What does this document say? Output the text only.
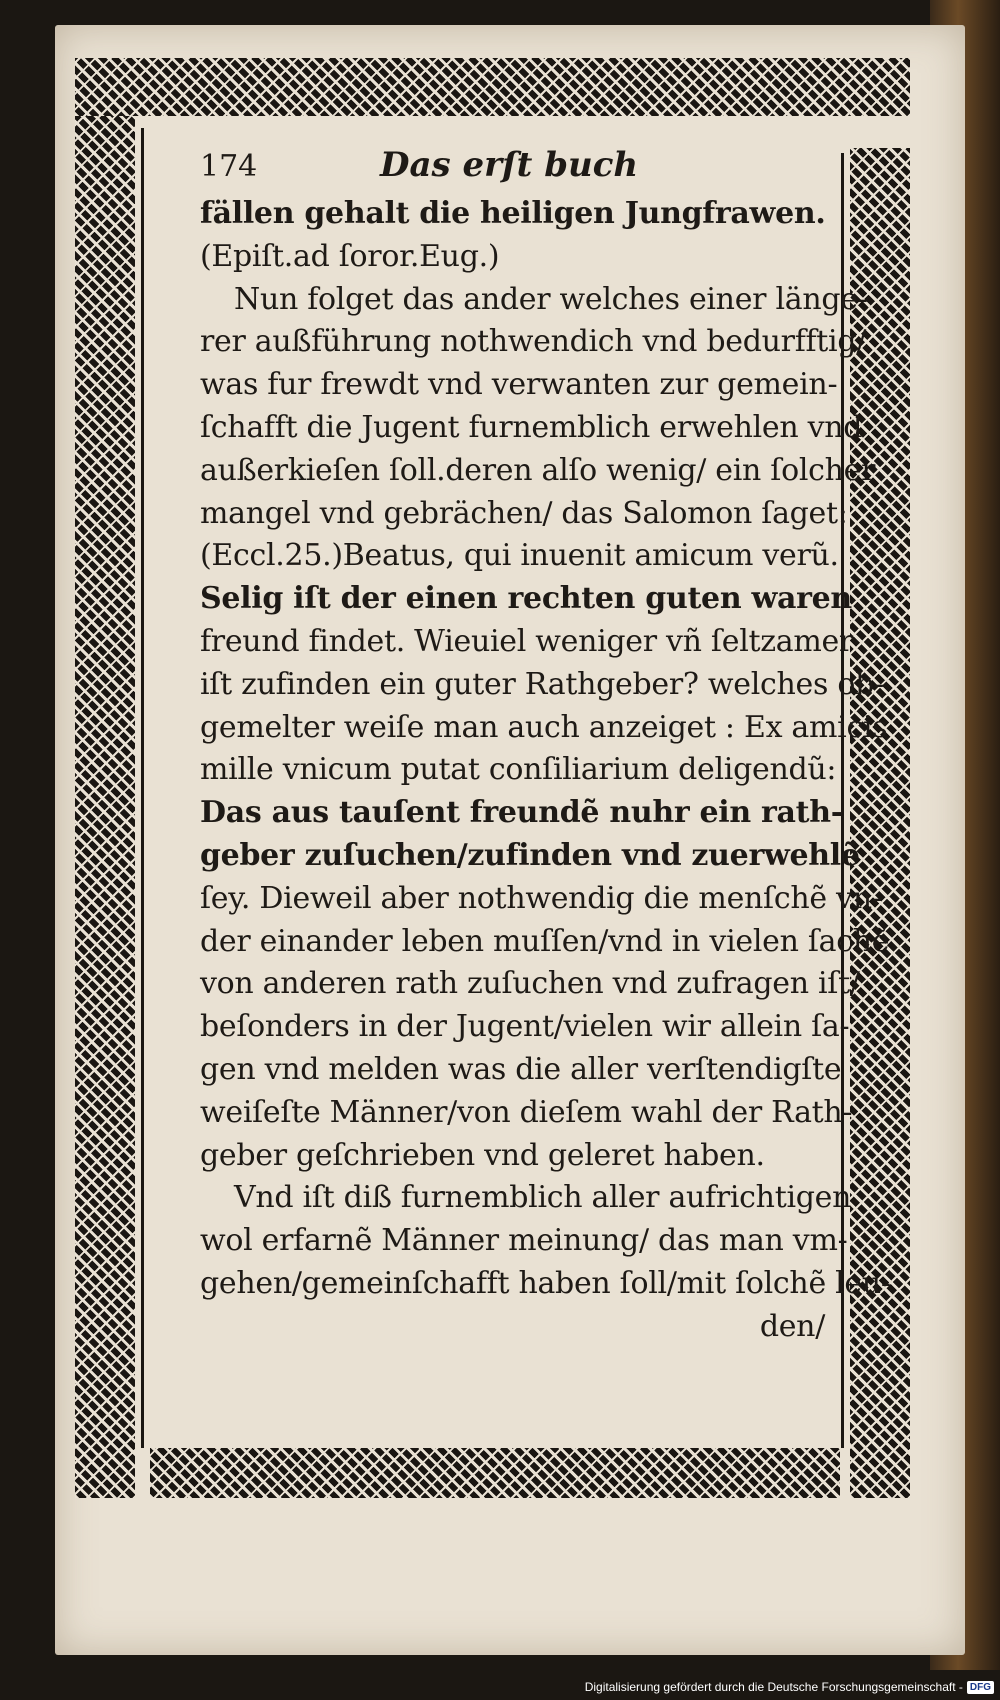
174	Das erſt buch
fällen gehalt die heiligen Jungfrawen.
(Epiſt.ad ſoror.Eug.)
Nun folget das ander welches einer länge-
rer außführung nothwendich vnd bedurfftig/
was fur frewdt vnd verwanten zur gemein-
ſchafft die Jugent furnemblich erwehlen vnd
außerkieſen ſoll.deren alſo wenig/ ein ſolcher
mangel vnd gebrächen/ das Salomon ſaget:
(Eccl.25.)Beatus, qui inuenit amicum verũ.
Selig iſt der einen rechten guten waren
freund findet. Wieuiel weniger vñ ſeltzamer
iſt zufinden ein guter Rathgeber? welches ob-
gemelter weiſe man auch anzeiget : Ex amicis
mille vnicum putat conſiliarium deligendũ:
Das aus tauſent freundẽ nuhr ein rath-
geber zuſuchen/zufinden vnd zuerwehlẽ
ſey. Dieweil aber nothwendig die menſchẽ vn-
der einander leben muſſen/vnd in vielen ſachẽ
von anderen rath zuſuchen vnd zufragen iſt/
beſonders in der Jugent/vielen wir allein ſa-
gen vnd melden was die aller verſtendigſte
weiſeſte Männer/von dieſem wahl der Rath-
geber geſchrieben vnd geleret haben.
Vnd iſt diß furnemblich aller aufrichtigen
wol erfarnẽ Männer meinung/ das man vm-
gehen/gemeinſchafft haben ſoll/mit ſolchẽ leu-
den/
Digitalisierung gefördert durch die Deutsche Forschungsgemeinschaft - DFG
